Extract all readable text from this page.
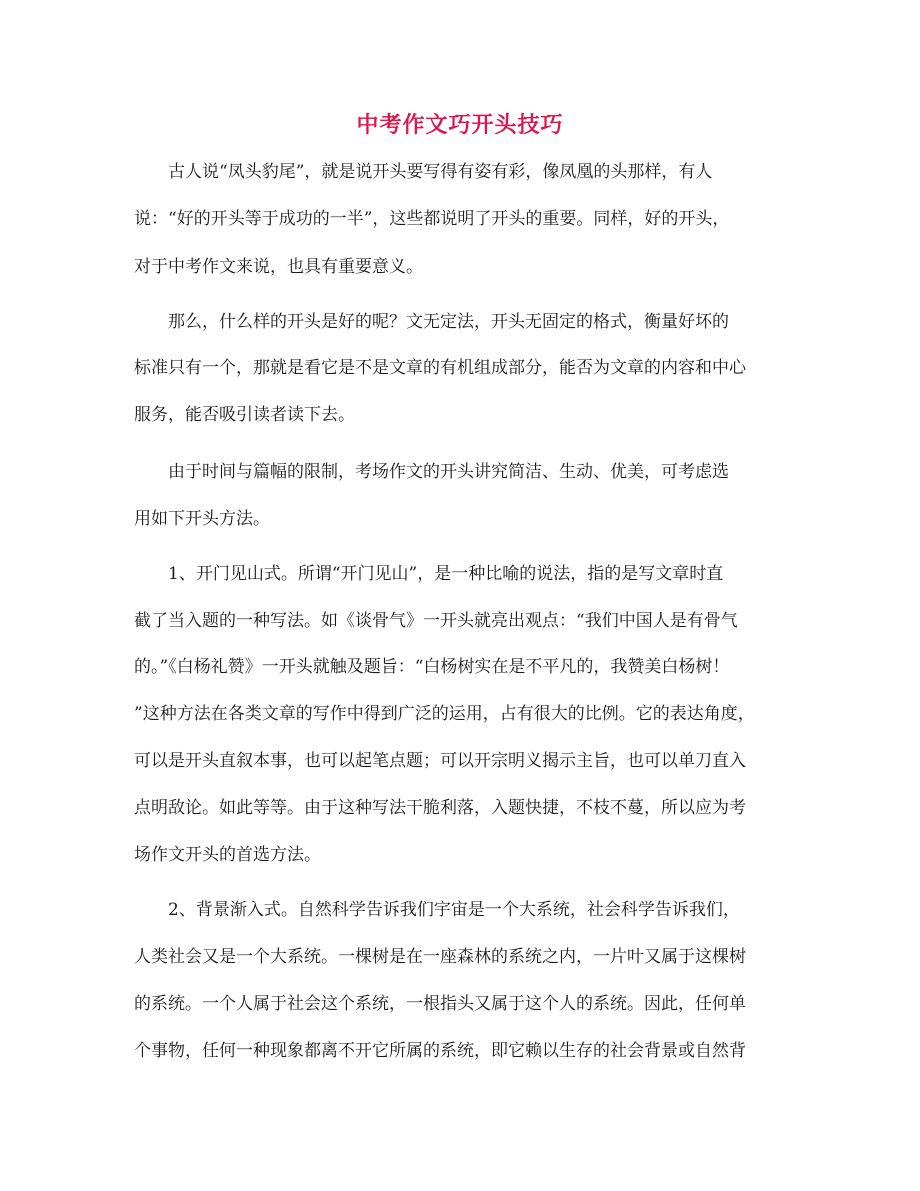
中考作文巧开头技巧

古人说“凤头豹尾”，就是说开头要写得有姿有彩，像凤凰的头那样，有人

说：“好的开头等于成功的一半”，这些都说明了开头的重要。同样，好的开头，

对于中考作文来说，也具有重要意义。

那么，什么样的开头是好的呢？文无定法，开头无固定的格式，衡量好坏的

标准只有一个，那就是看它是不是文章的有机组成部分，能否为文章的内容和中心

服务，能否吸引读者读下去。

由于时间与篇幅的限制，考场作文的开头讲究简洁、生动、优美，可考虑选

用如下开头方法。

1、开门见山式。所谓“开门见山”，是一种比喻的说法，指的是写文章时直

截了当入题的一种写法。如《谈骨气》一开头就亮出观点：“我们中国人是有骨气

的。”《白杨礼赞》一开头就触及题旨：“白杨树实在是不平凡的，我赞美白杨树！

”这种方法在各类文章的写作中得到广泛的运用，占有很大的比例。它的表达角度，

可以是开头直叙本事，也可以起笔点题；可以开宗明义揭示主旨，也可以单刀直入

点明敌论。如此等等。由于这种写法干脆利落，入题快捷，不枝不蔓，所以应为考

场作文开头的首选方法。

2、背景渐入式。自然科学告诉我们宇宙是一个大系统，社会科学告诉我们，

人类社会又是一个大系统。一棵树是在一座森林的系统之内，一片叶又属于这棵树

的系统。一个人属于社会这个系统，一根指头又属于这个人的系统。因此，任何单

个事物，任何一种现象都离不开它所属的系统，即它赖以生存的社会背景或自然背
